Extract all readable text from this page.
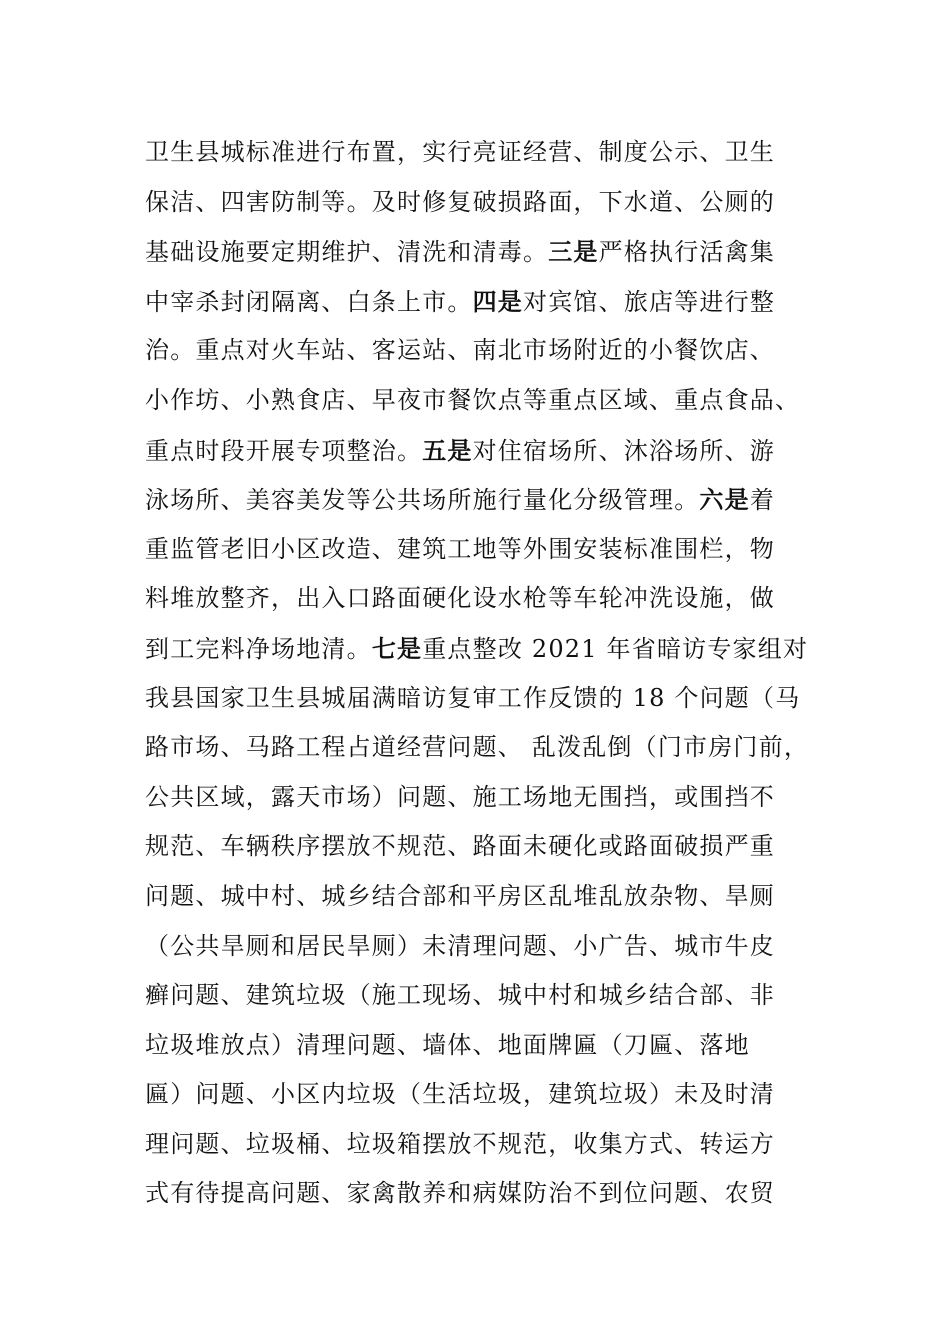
卫生县城标准进行布置，实行亮证经营、制度公示、卫生
保洁、四害防制等。及时修复破损路面，下水道、公厕的
基础设施要定期维护、清洗和清毒。三是严格执行活禽集
中宰杀封闭隔离、白条上市。四是对宾馆、旅店等进行整
治。重点对火车站、客运站、南北市场附近的小餐饮店、
小作坊、小熟食店、早夜市餐饮点等重点区域、重点食品、
重点时段开展专项整治。五是对住宿场所、沐浴场所、游
泳场所、美容美发等公共场所施行量化分级管理。六是着
重监管老旧小区改造、建筑工地等外围安装标准围栏，物
料堆放整齐，出入口路面硬化设水枪等车轮冲洗设施，做
到工完料净场地清。七是重点整改 2021 年省暗访专家组对
我县国家卫生县城届满暗访复审工作反馈的 18 个问题（马
路市场、马路工程占道经营问题、 乱泼乱倒（门市房门前，
公共区域，露天市场）问题、施工场地无围挡，或围挡不
规范、车辆秩序摆放不规范、路面未硬化或路面破损严重
问题、城中村、城乡结合部和平房区乱堆乱放杂物、旱厕
（公共旱厕和居民旱厕）未清理问题、小广告、城市牛皮
癣问题、建筑垃圾（施工现场、城中村和城乡结合部、非
垃圾堆放点）清理问题、墙体、地面牌匾（刀匾、落地
匾）问题、小区内垃圾（生活垃圾，建筑垃圾）未及时清
理问题、垃圾桶、垃圾箱摆放不规范，收集方式、转运方
式有待提高问题、家禽散养和病媒防治不到位问题、农贸
